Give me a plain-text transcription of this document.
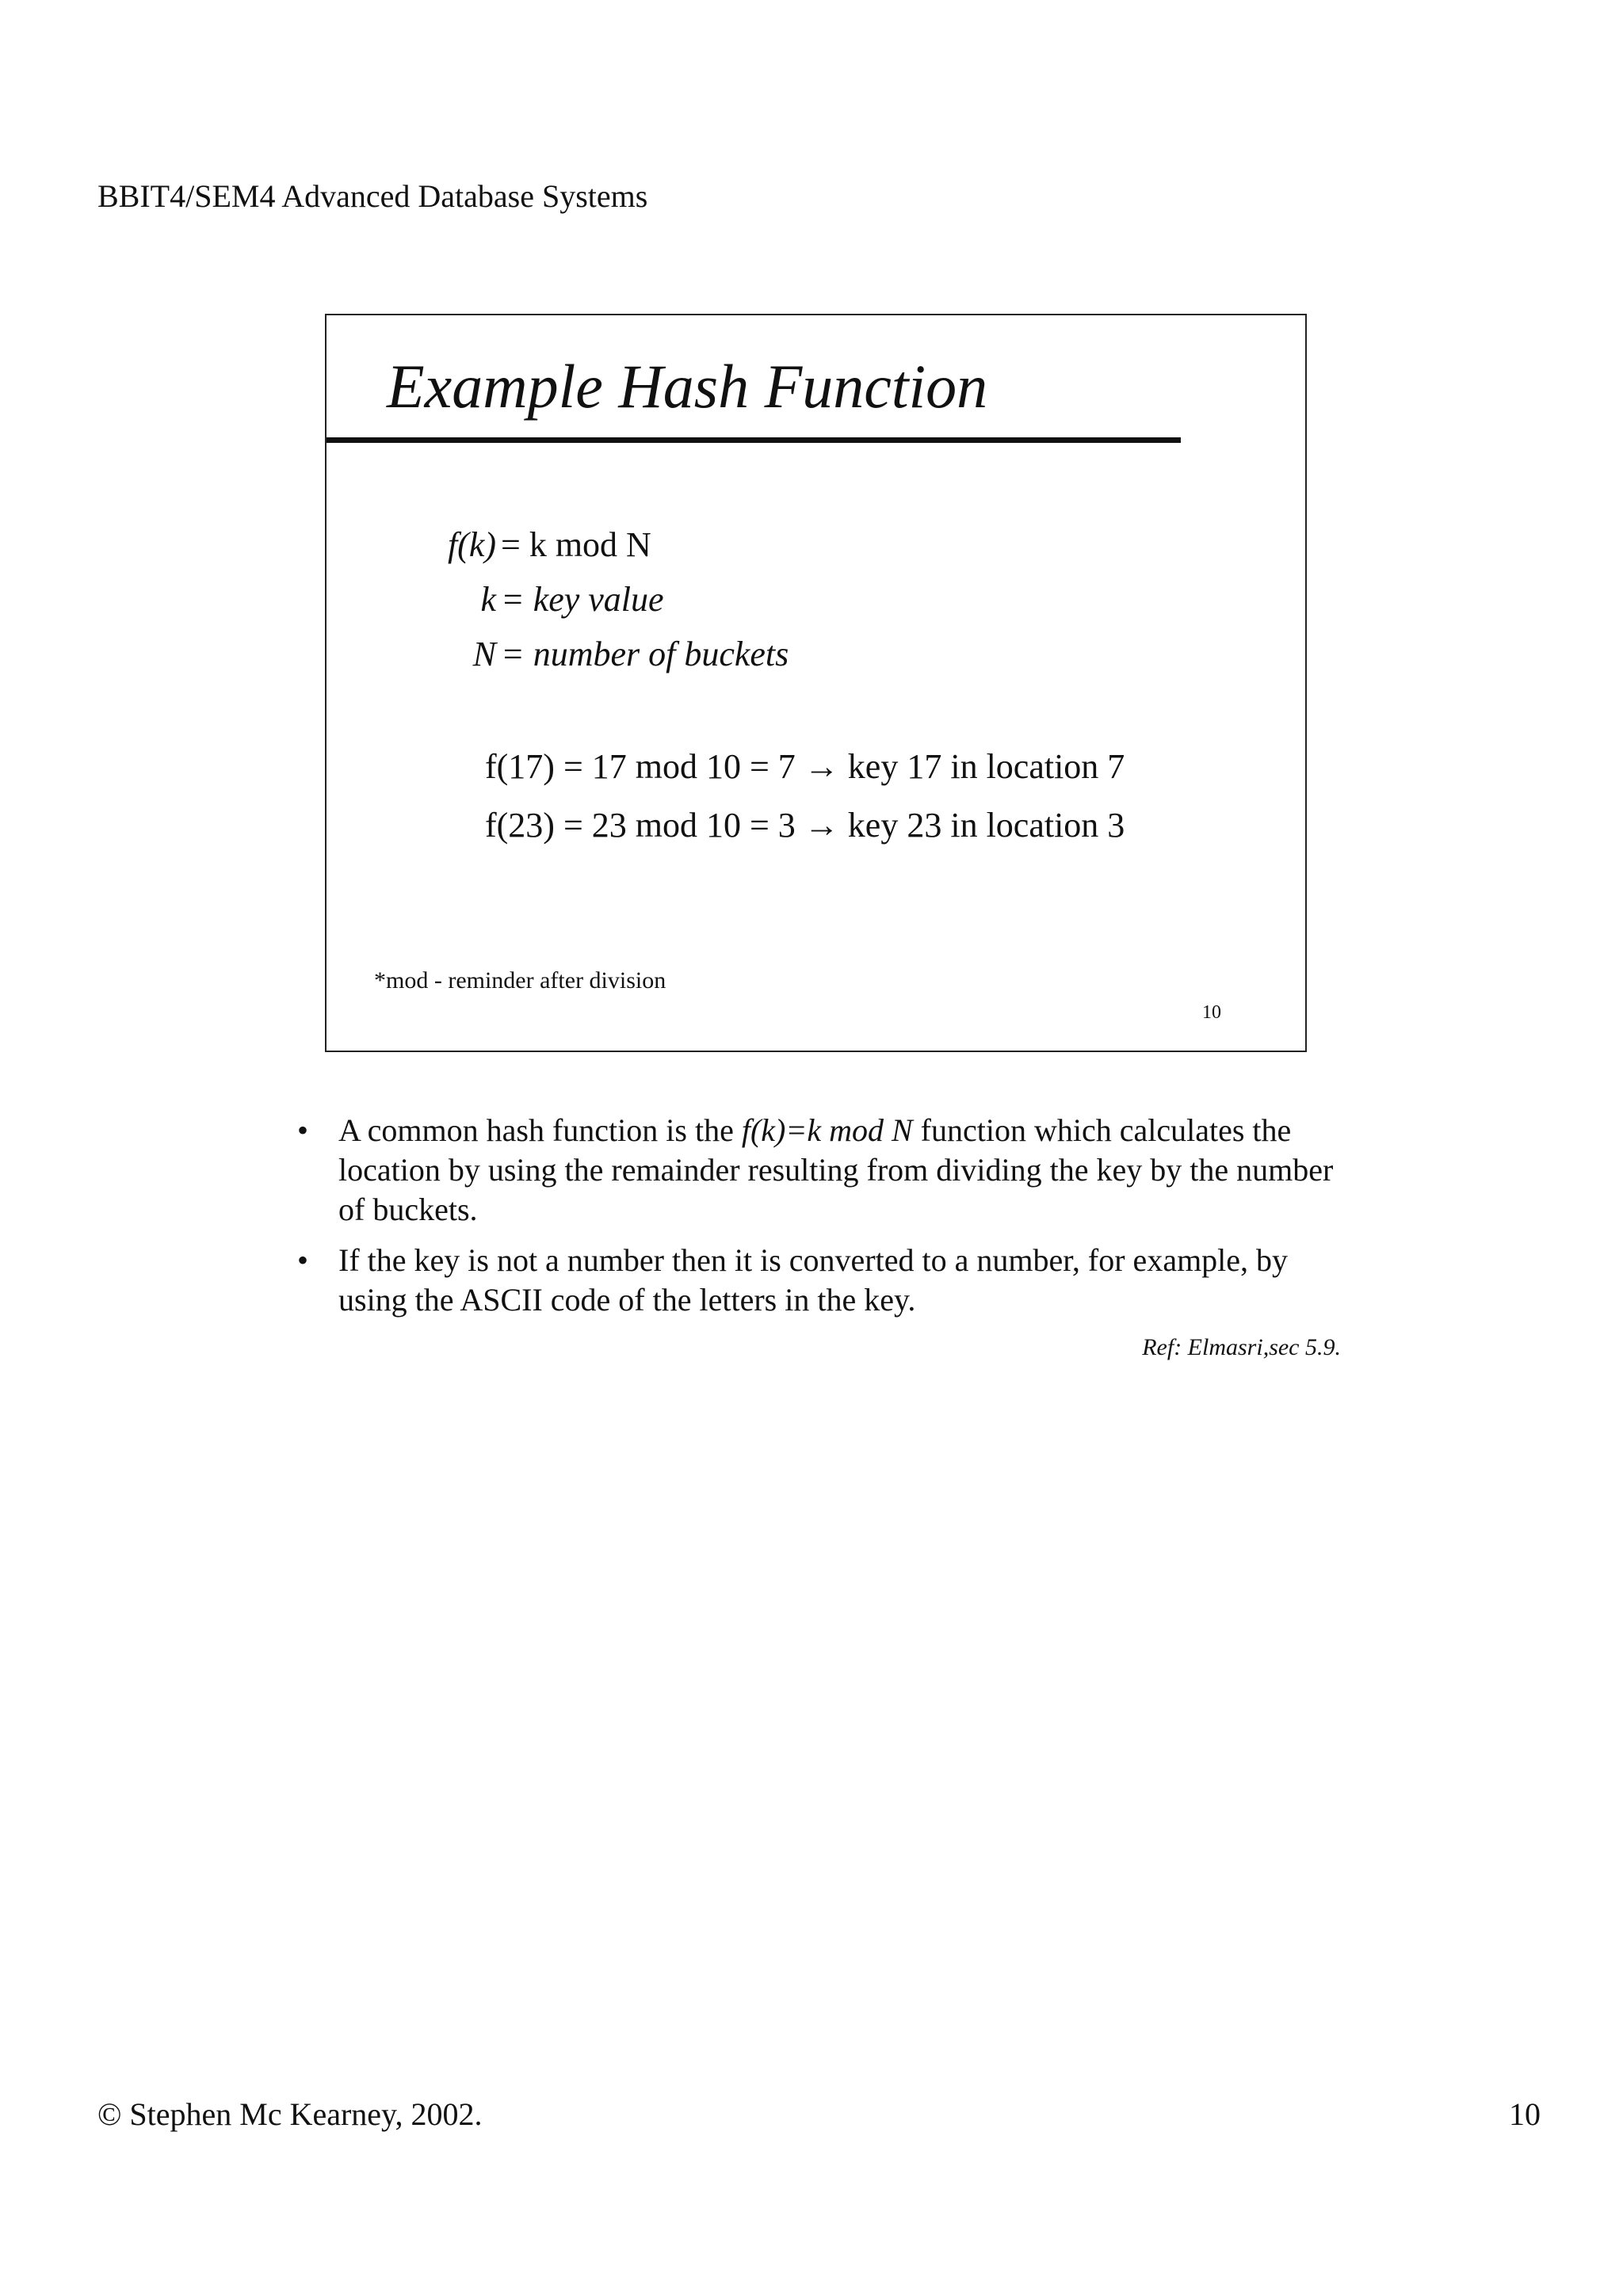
BBIT4/SEM4 Advanced Database Systems
Example Hash Function
f(k) = k mod N
k = key value
N = number of buckets
f(17) = 17 mod 10 = 7 → key 17 in location 7
f(23) = 23 mod 10 = 3 → key 23 in location 3
*mod - reminder after division
10
• A common hash function is the f(k)=k mod N function which calculates the location by using the remainder resulting from dividing the key by the number of buckets.
• If the key is not a number then it is converted to a number, for example, by using the ASCII code of the letters in the key.
Ref: Elmasri,sec 5.9.
© Stephen Mc Kearney, 2002.	10
